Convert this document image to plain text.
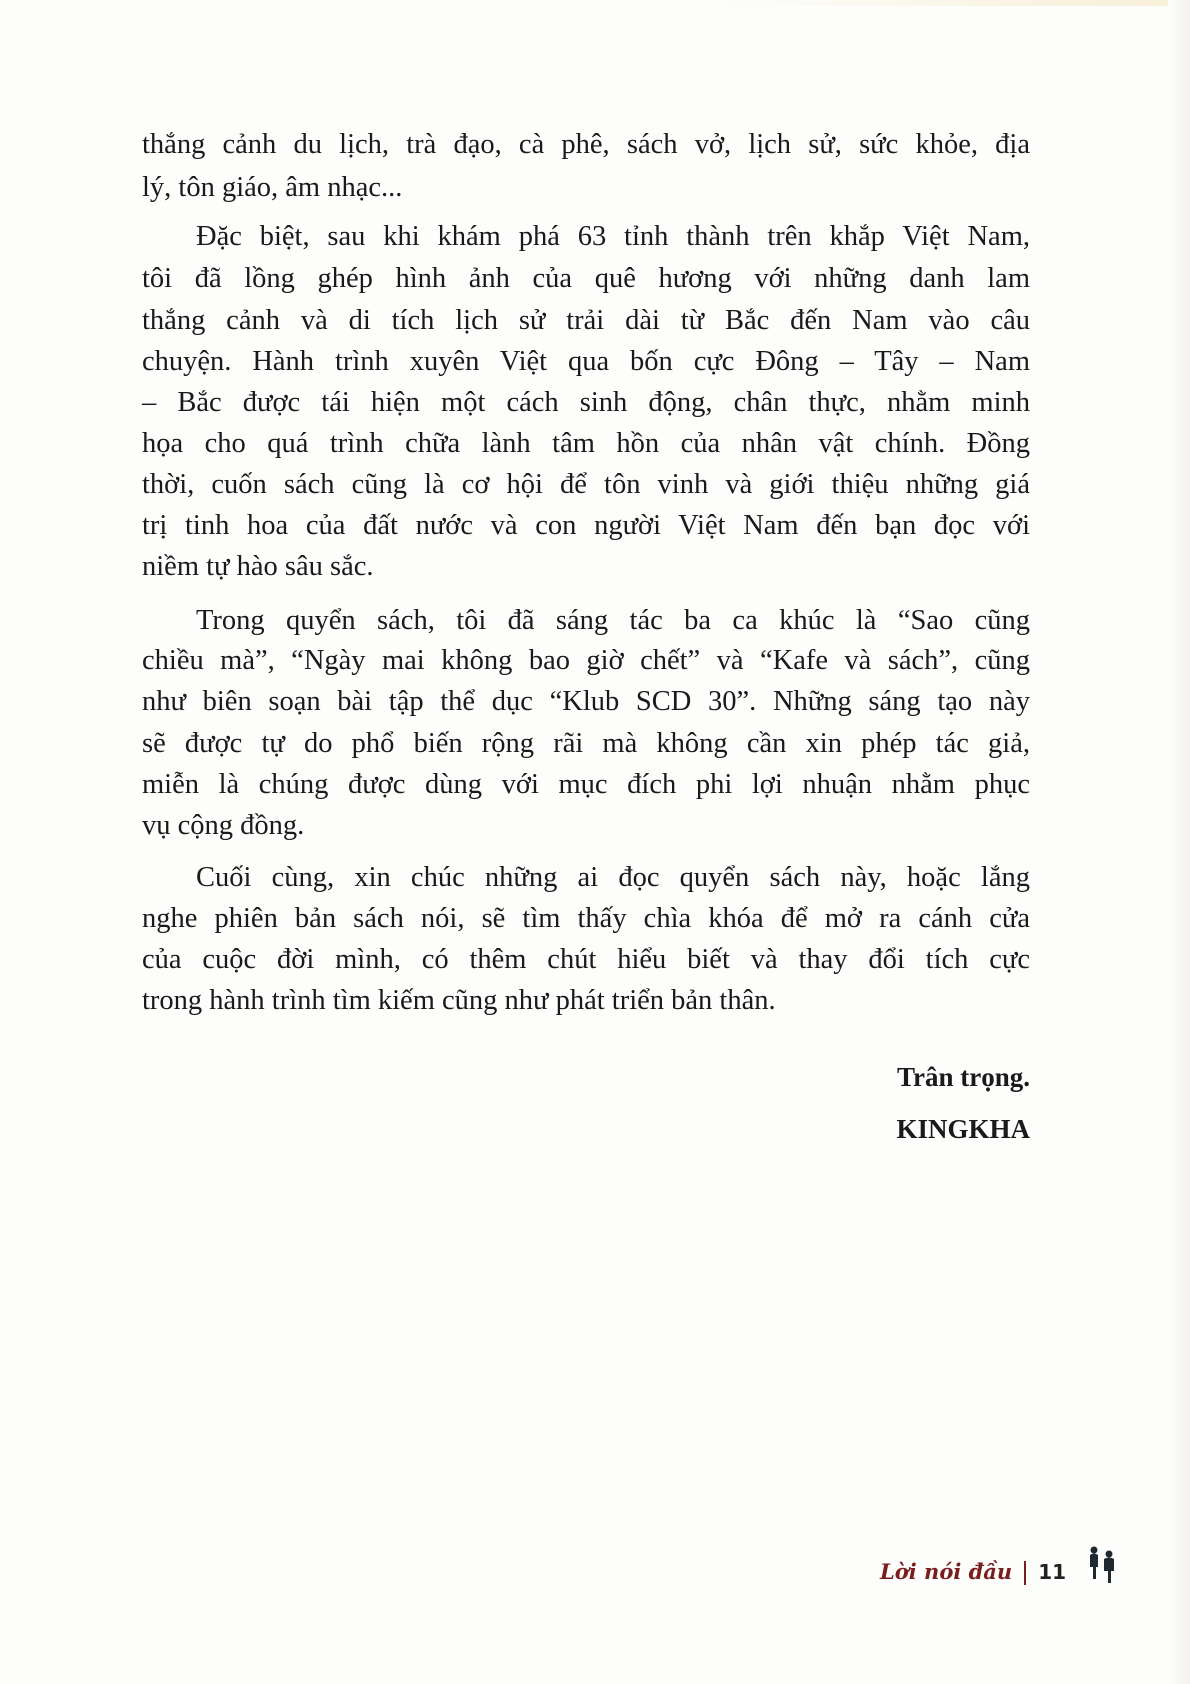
thắng cảnh du lịch, trà đạo, cà phê, sách vở, lịch sử, sức khỏe, địa
lý, tôn giáo, âm nhạc...
Đặc biệt, sau khi khám phá 63 tỉnh thành trên khắp Việt Nam,
tôi đã lồng ghép hình ảnh của quê hương với những danh lam
thắng cảnh và di tích lịch sử trải dài từ Bắc đến Nam vào câu
chuyện. Hành trình xuyên Việt qua bốn cực Đông – Tây – Nam
– Bắc được tái hiện một cách sinh động, chân thực, nhằm minh
họa cho quá trình chữa lành tâm hồn của nhân vật chính. Đồng
thời, cuốn sách cũng là cơ hội để tôn vinh và giới thiệu những giá
trị tinh hoa của đất nước và con người Việt Nam đến bạn đọc với
niềm tự hào sâu sắc.
Trong quyển sách, tôi đã sáng tác ba ca khúc là “Sao cũng
chiều mà”, “Ngày mai không bao giờ chết” và “Kafe và sách”, cũng
như biên soạn bài tập thể dục “Klub SCD 30”. Những sáng tạo này
sẽ được tự do phổ biến rộng rãi mà không cần xin phép tác giả,
miễn là chúng được dùng với mục đích phi lợi nhuận nhằm phục
vụ cộng đồng.
Cuối cùng, xin chúc những ai đọc quyển sách này, hoặc lắng
nghe phiên bản sách nói, sẽ tìm thấy chìa khóa để mở ra cánh cửa
của cuộc đời mình, có thêm chút hiểu biết và thay đổi tích cực
trong hành trình tìm kiếm cũng như phát triển bản thân.
Trân trọng.
KINGKHA
Lời nói đầu 11
